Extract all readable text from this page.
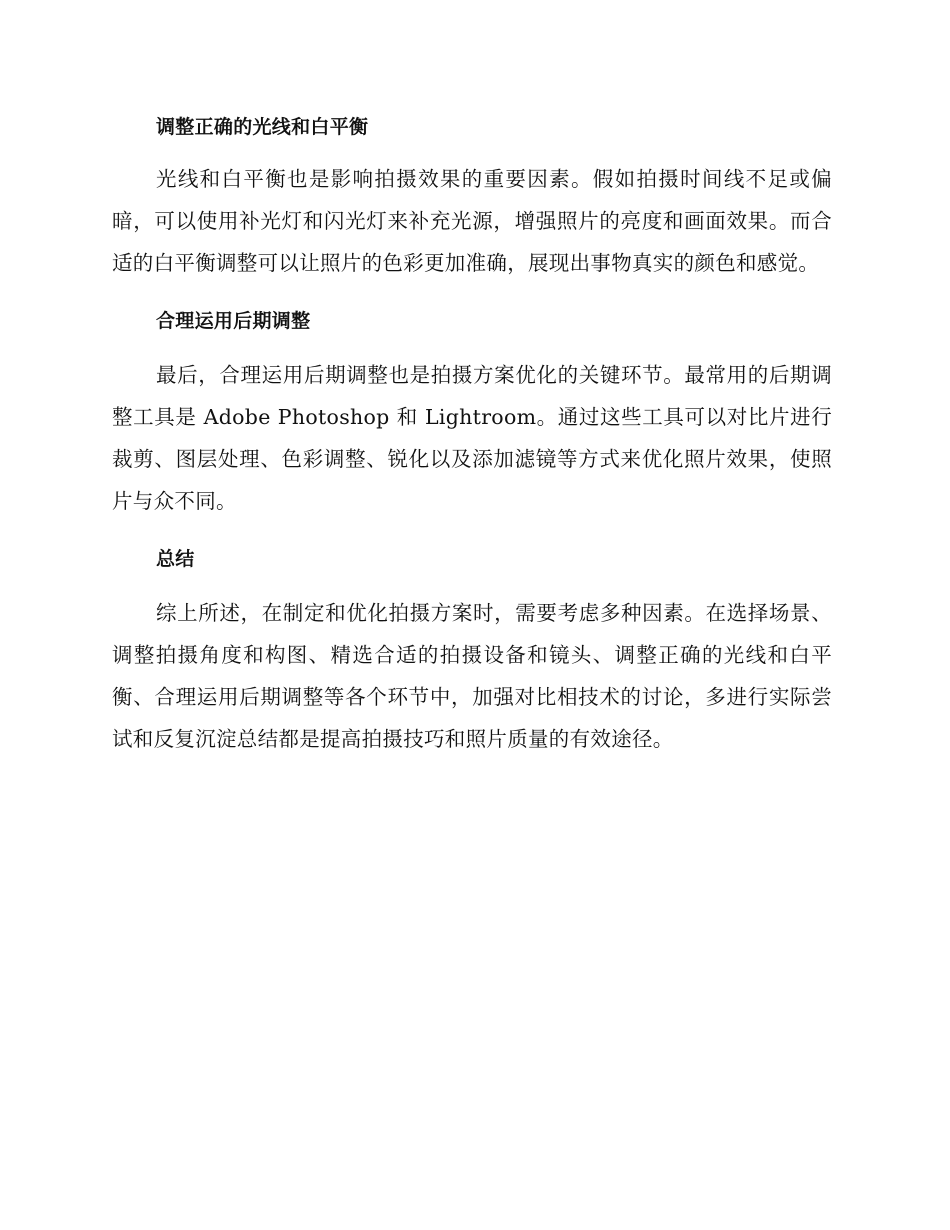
调整正确的光线和白平衡

光线和白平衡也是影响拍摄效果的重要因素。假如拍摄时间线不足或偏暗，可以使用补光灯和闪光灯来补充光源，增强照片的亮度和画面效果。而合适的白平衡调整可以让照片的色彩更加准确，展现出事物真实的颜色和感觉。

合理运用后期调整

最后，合理运用后期调整也是拍摄方案优化的关键环节。最常用的后期调整工具是 Adobe Photoshop 和 Lightroom。通过这些工具可以对比片进行裁剪、图层处理、色彩调整、锐化以及添加滤镜等方式来优化照片效果，使照片与众不同。

总结

综上所述，在制定和优化拍摄方案时，需要考虑多种因素。在选择场景、调整拍摄角度和构图、精选合适的拍摄设备和镜头、调整正确的光线和白平衡、合理运用后期调整等各个环节中，加强对比相技术的讨论，多进行实际尝试和反复沉淀总结都是提高拍摄技巧和照片质量的有效途径。
